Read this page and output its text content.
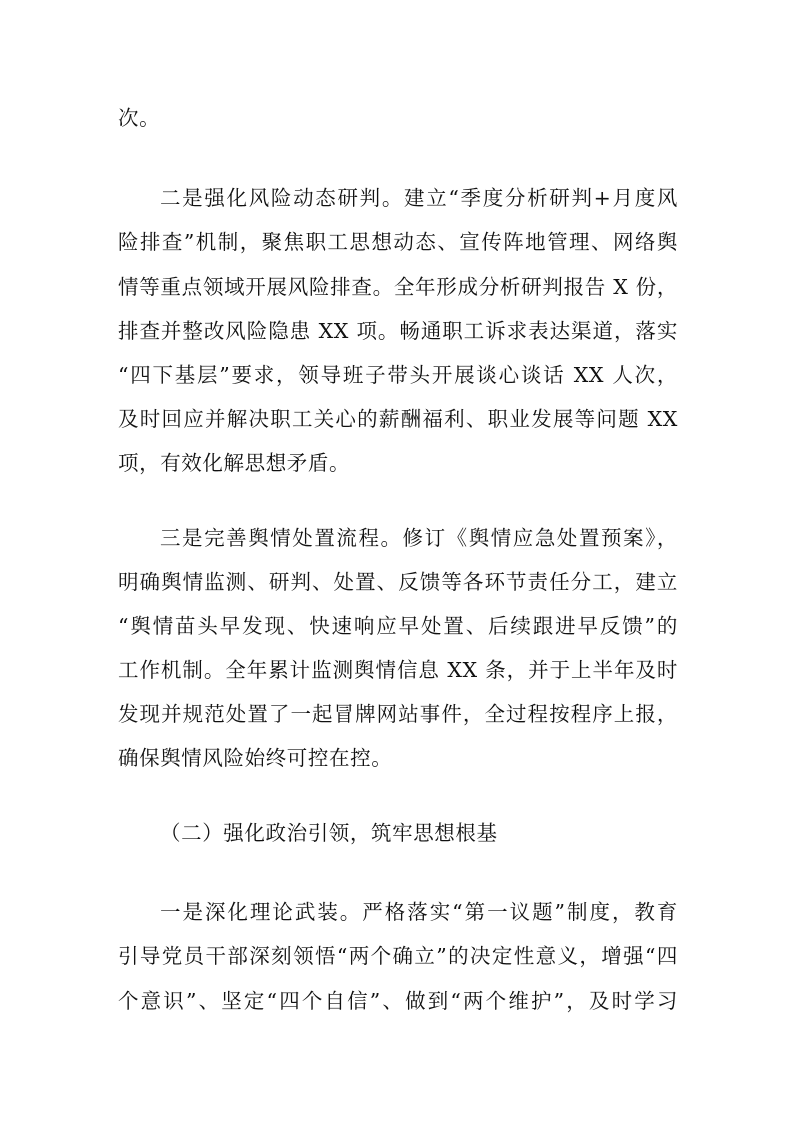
次。
二是强化风险动态研判。建立“季度分析研判+月度风
险排查”机制，聚焦职工思想动态、宣传阵地管理、网络舆
情等重点领域开展风险排查。全年形成分析研判报告 X 份，
排查并整改风险隐患 XX 项。畅通职工诉求表达渠道，落实
“四下基层”要求，领导班子带头开展谈心谈话 XX 人次，
及时回应并解决职工关心的薪酬福利、职业发展等问题 XX
项，有效化解思想矛盾。
三是完善舆情处置流程。修订《舆情应急处置预案》，
明确舆情监测、研判、处置、反馈等各环节责任分工，建立
“舆情苗头早发现、快速响应早处置、后续跟进早反馈”的
工作机制。全年累计监测舆情信息 XX 条，并于上半年及时
发现并规范处置了一起冒牌网站事件，全过程按程序上报，
确保舆情风险始终可控在控。
（二）强化政治引领，筑牢思想根基
一是深化理论武装。严格落实“第一议题”制度，教育
引导党员干部深刻领悟“两个确立”的决定性意义，增强“四
个意识”、坚定“四个自信”、做到“两个维护”，及时学习
